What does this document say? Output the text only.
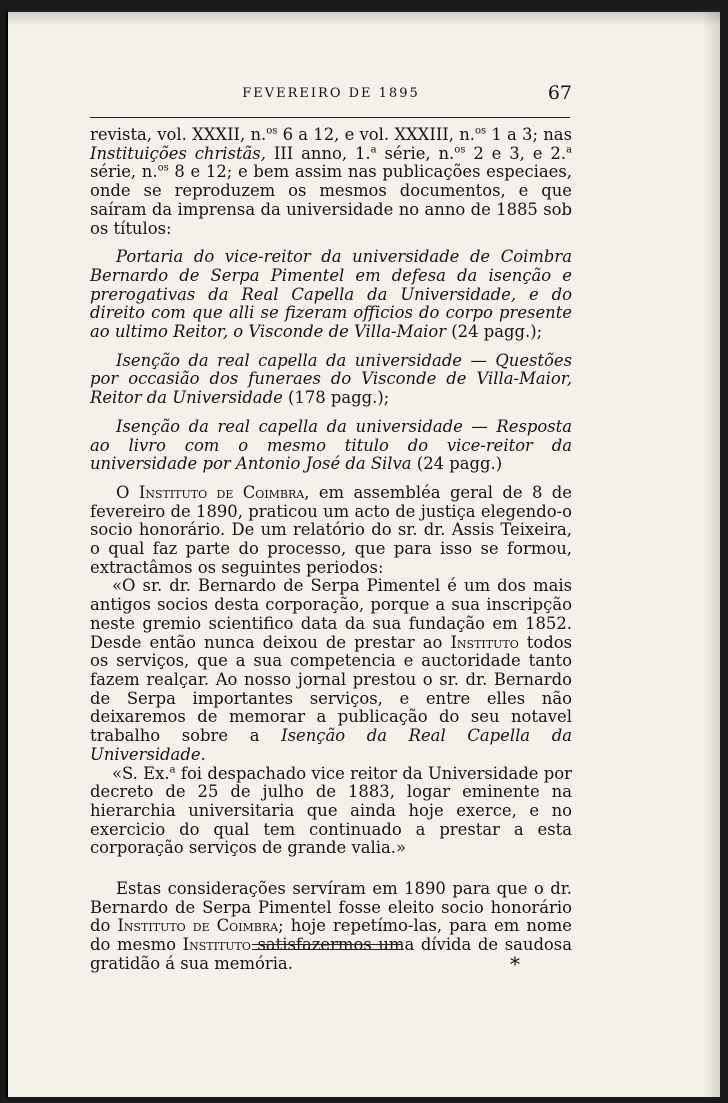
FEVEREIRO DE 1895	67

revista, vol. XXXII, n.$^{os}$ 6 a 12, e vol. XXXIII, n.$^{os}$ 1 a 3; nas Instituições christãs, III anno, 1.$^a$ série, n.$^{os}$ 2 e 3, e 2.$^a$ série, n.$^{os}$ 8 e 12; e bem assim nas publicações especiaes, onde se reproduzem os mesmos documentos, e que saíram da imprensa da universidade no anno de 1885 sob os títulos:

Portaria do vice-reitor da universidade de Coimbra Bernardo de Serpa Pimentel em defesa da isenção e prerogativas da Real Capella da Universidade, e do direito com que alli se fizeram officios do corpo presente ao ultimo Reitor, o Visconde de Villa-Maior (24 pagg.);

Isenção da real capella da universidade — Questões por occasião dos funeraes do Visconde de Villa-Maior, Reitor da Universidade (178 pagg.);

Isenção da real capella da universidade — Resposta ao livro com o mesmo titulo do vice-reitor da universidade por Antonio José da Silva (24 pagg.)

O Instituto de Coimbra, em assembléa geral de 8 de fevereiro de 1890, praticou um acto de justiça elegendo-o socio honorário. De um relatório do sr. dr. Assis Teixeira, o qual faz parte do processo, que para isso se formou, extractâmos os seguintes periodos:

«O sr. dr. Bernardo de Serpa Pimentel é um dos mais antigos socios desta corporação, porque a sua inscripção neste gremio scientifico data da sua fundação em 1852. Desde então nunca deixou de prestar ao Instituto todos os serviços, que a sua competencia e auctoridade tanto fazem realçar. Ao nosso jornal prestou o sr. dr. Bernardo de Serpa importantes serviços, e entre elles não deixaremos de memorar a publicação do seu notavel trabalho sobre a Isenção da Real Capella da Universidade.

«S. Ex.$^a$ foi despachado vice reitor da Universidade por decreto de 25 de julho de 1883, logar eminente na hierarchia universitaria que ainda hoje exerce, e no exercicio do qual tem continuado a prestar a esta corporação serviços de grande valia.»

Estas considerações servíram em 1890 para que o dr. Bernardo de Serpa Pimentel fosse eleito socio honorário do Instituto de Coimbra; hoje repetímo-las, para em nome do mesmo Instituto satisfazermos uma dívida de saudosa gratidão á sua memória.	*
